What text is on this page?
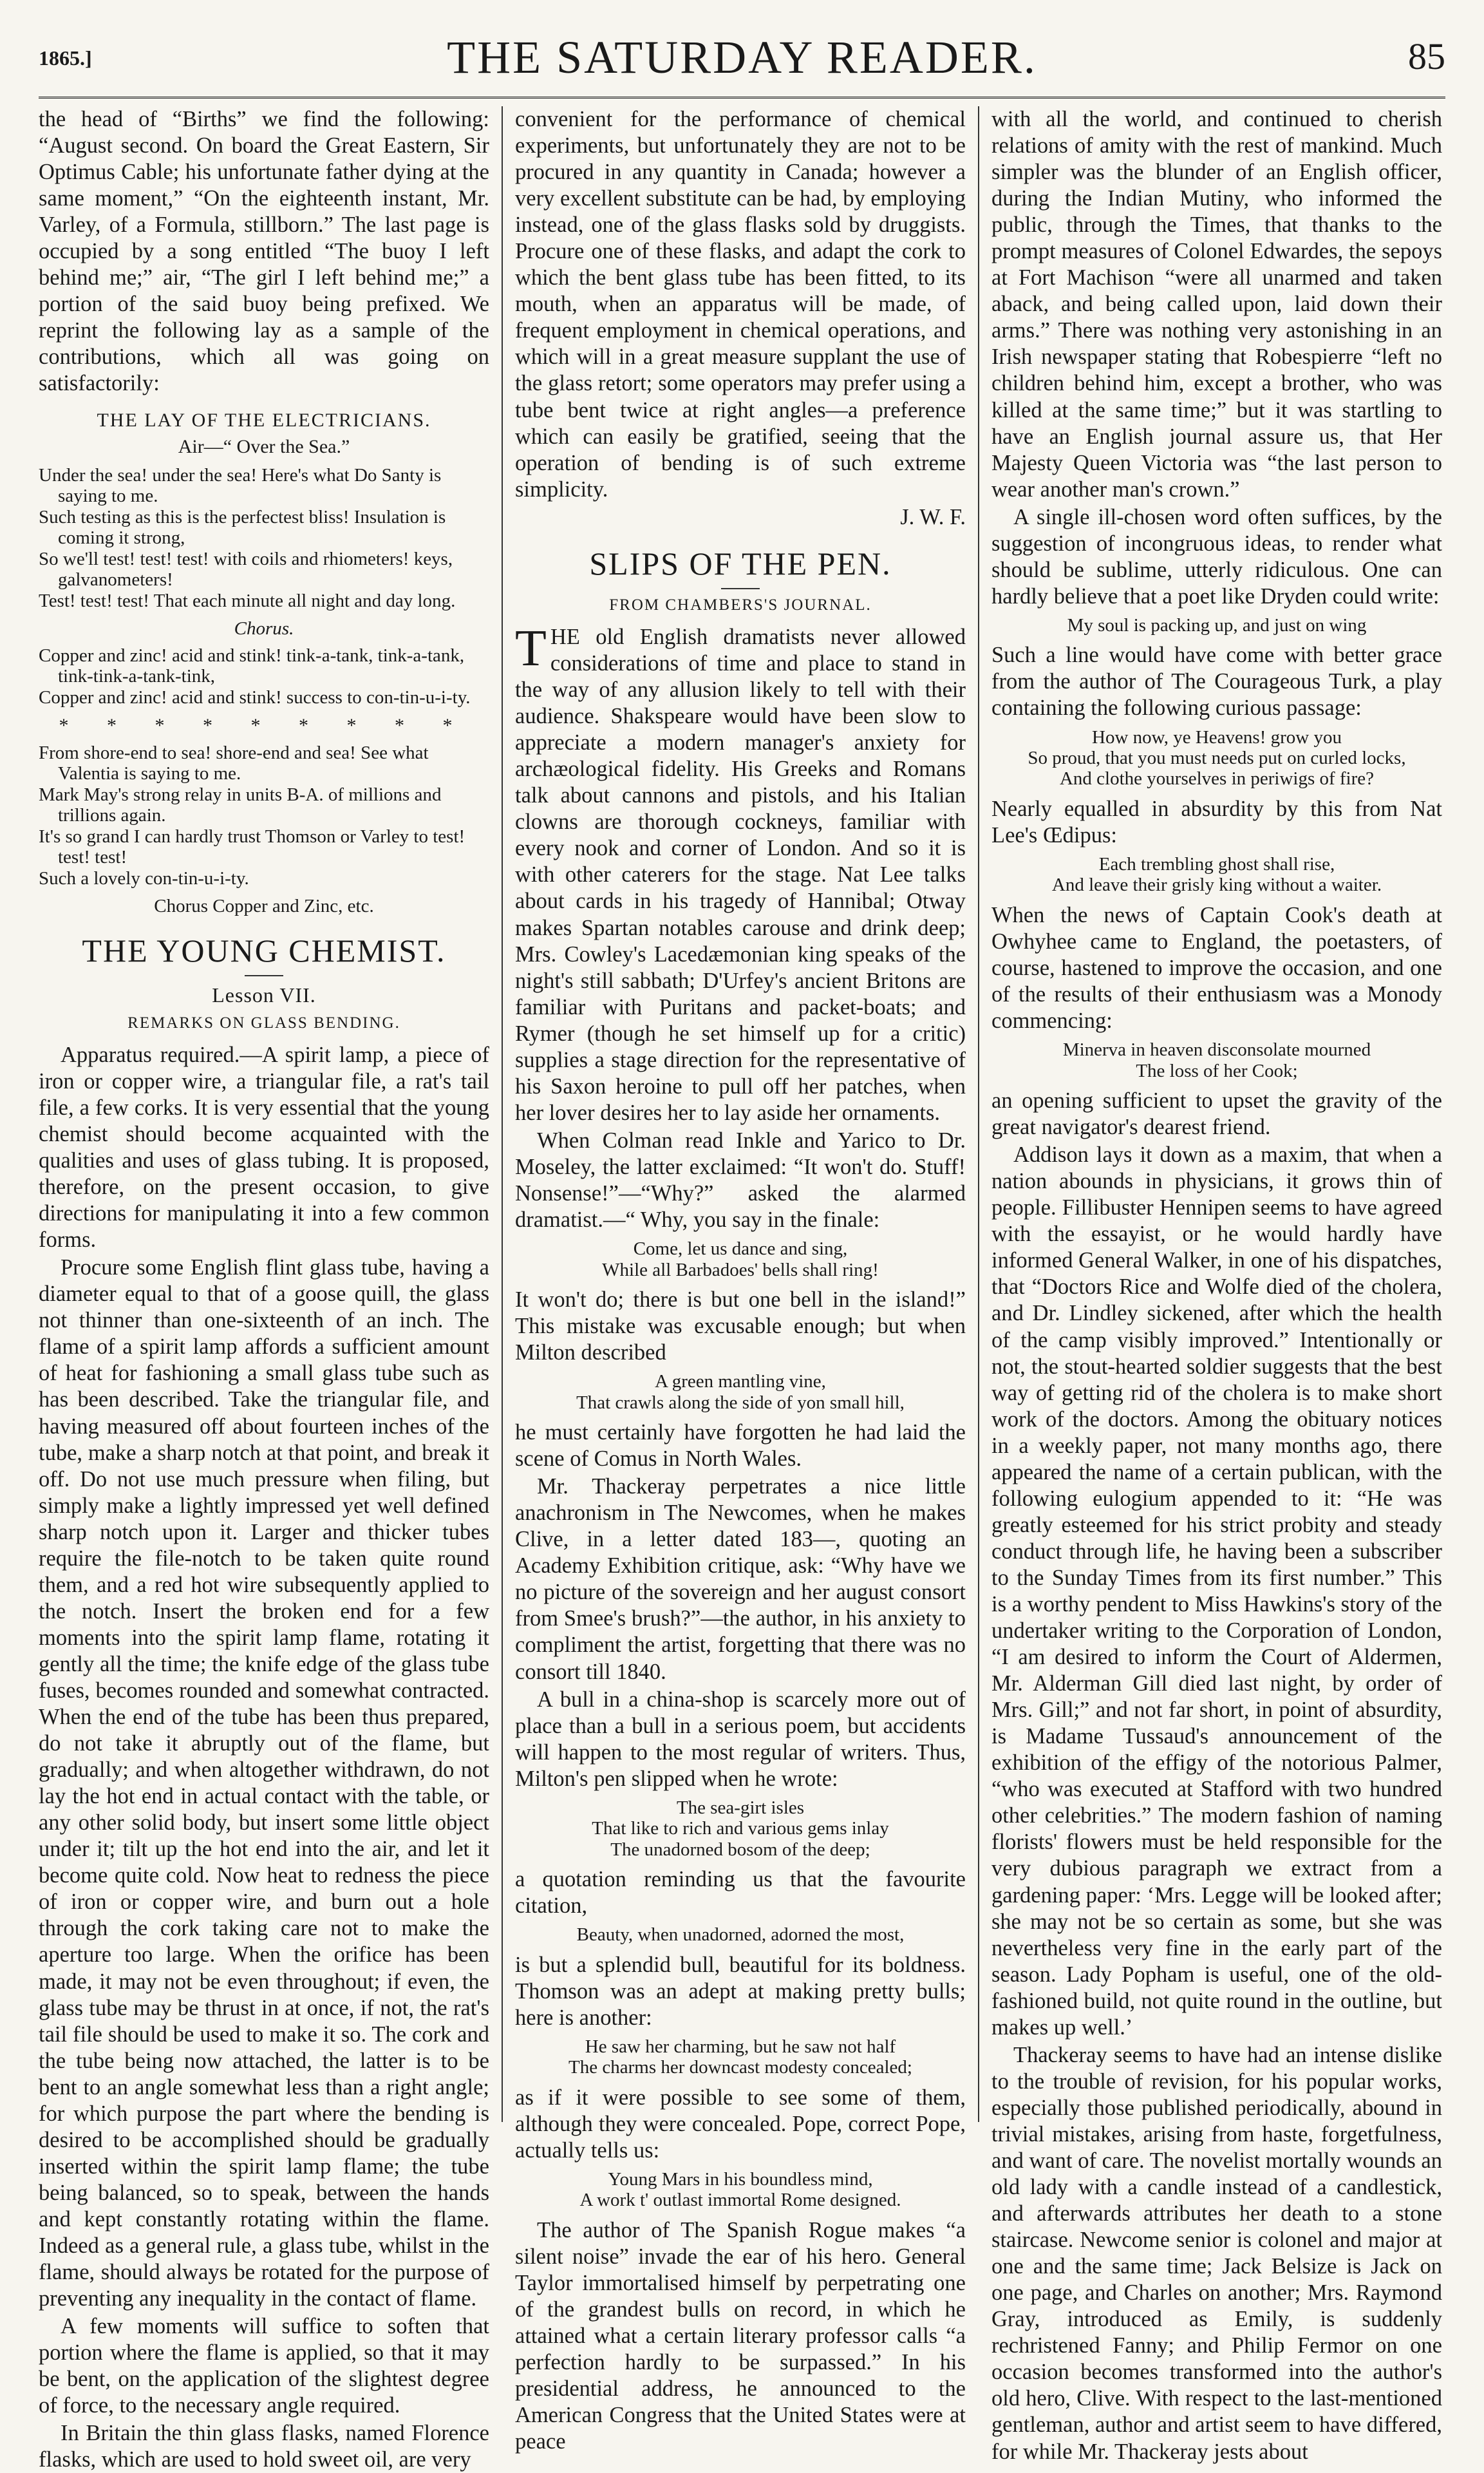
1865.]	THE SATURDAY READER.	85

the head of “Births” we find the following: “August second. On board the Great Eastern, Sir Optimus Cable; his unfortunate father dying at the same moment,” “On the eighteenth instant, Mr. Varley, of a Formula, stillborn.” The last page is occupied by a song entitled “The buoy I left behind me;” air, “The girl I left behind me;” a portion of the said buoy being prefixed. We reprint the following lay as a sample of the contributions, which all was going on satisfactorily:

THE LAY OF THE ELECTRICIANS.
Air—“ Over the Sea.”
Under the sea! under the sea! Here's what Do Santy is saying to me.
Such testing as this is the perfectest bliss! Insulation is coming it strong,
So we'll test! test! test! with coils and rhiometers! keys, galvanometers!
Test! test! test! That each minute all night and day long.
Chorus.
Copper and zinc! acid and stink! tink-a-tank, tink-a-tank, tink-tink-a-tank-tink,
Copper and zinc! acid and stink! success to con-tin-u-i-ty.
* * * * * * * * *
From shore-end to sea! shore-end and sea! See what Valentia is saying to me.
Mark May's strong relay in units B-A. of millions and trillions again.
It's so grand I can hardly trust Thomson or Varley to test! test! test!
Such a lovely con-tin-u-i-ty.
Chorus Copper and Zinc, etc.
THE YOUNG CHEMIST.
Lesson VII.
REMARKS ON GLASS BENDING.

Apparatus required.—A spirit lamp, a piece of iron or copper wire, a triangular file, a rat's tail file, a few corks. It is very essential that the young chemist should become acquainted with the qualities and uses of glass tubing. It is proposed, therefore, on the present occasion, to give directions for manipulating it into a few common forms.

Procure some English flint glass tube, having a diameter equal to that of a goose quill, the glass not thinner than one-sixteenth of an inch. The flame of a spirit lamp affords a sufficient amount of heat for fashioning a small glass tube such as has been described. Take the triangular file, and having measured off about fourteen inches of the tube, make a sharp notch at that point, and break it off. Do not use much pressure when filing, but simply make a lightly impressed yet well defined sharp notch upon it. Larger and thicker tubes require the file-notch to be taken quite round them, and a red hot wire subsequently applied to the notch. Insert the broken end for a few moments into the spirit lamp flame, rotating it gently all the time; the knife edge of the glass tube fuses, becomes rounded and somewhat contracted. When the end of the tube has been thus prepared, do not take it abruptly out of the flame, but gradually; and when altogether withdrawn, do not lay the hot end in actual contact with the table, or any other solid body, but insert some little object under it; tilt up the hot end into the air, and let it become quite cold. Now heat to redness the piece of iron or copper wire, and burn out a hole through the cork taking care not to make the aperture too large. When the orifice has been made, it may not be even throughout; if even, the glass tube may be thrust in at once, if not, the rat's tail file should be used to make it so. The cork and the tube being now attached, the latter is to be bent to an angle somewhat less than a right angle; for which purpose the part where the bending is desired to be accomplished should be gradually inserted within the spirit lamp flame; the tube being balanced, so to speak, between the hands and kept constantly rotating within the flame. Indeed as a general rule, a glass tube, whilst in the flame, should always be rotated for the purpose of preventing any inequality in the contact of flame.

A few moments will suffice to soften that portion where the flame is applied, so that it may be bent, on the application of the slightest degree of force, to the necessary angle required.

In Britain the thin glass flasks, named Florence flasks, which are used to hold sweet oil, are very

convenient for the performance of chemical experiments, but unfortunately they are not to be procured in any quantity in Canada; however a very excellent substitute can be had, by employing instead, one of the glass flasks sold by druggists. Procure one of these flasks, and adapt the cork to which the bent glass tube has been fitted, to its mouth, when an apparatus will be made, of frequent employment in chemical operations, and which will in a great measure supplant the use of the glass retort; some operators may prefer using a tube bent twice at right angles—a preference which can easily be gratified, seeing that the operation of bending is of such extreme simplicity.

J. W. F.
SLIPS OF THE PEN.
FROM CHAMBERS'S JOURNAL.

THE old English dramatists never allowed considerations of time and place to stand in the way of any allusion likely to tell with their audience. Shakspeare would have been slow to appreciate a modern manager's anxiety for archæological fidelity. His Greeks and Romans talk about cannons and pistols, and his Italian clowns are thorough cockneys, familiar with every nook and corner of London. And so it is with other caterers for the stage. Nat Lee talks about cards in his tragedy of Hannibal; Otway makes Spartan notables carouse and drink deep; Mrs. Cowley's Lacedæmonian king speaks of the night's still sabbath; D'Urfey's ancient Britons are familiar with Puritans and packet-boats; and Rymer (though he set himself up for a critic) supplies a stage direction for the representative of his Saxon heroine to pull off her patches, when her lover desires her to lay aside her ornaments.

When Colman read Inkle and Yarico to Dr. Moseley, the latter exclaimed: “It won't do. Stuff! Nonsense!”—“Why?” asked the alarmed dramatist.—“ Why, you say in the finale:

Come, let us dance and sing,
While all Barbadoes' bells shall ring!

It won't do; there is but one bell in the island!” This mistake was excusable enough; but when Milton described

A green mantling vine,
That crawls along the side of yon small hill,

he must certainly have forgotten he had laid the scene of Comus in North Wales.

Mr. Thackeray perpetrates a nice little anachronism in The Newcomes, when he makes Clive, in a letter dated 183—, quoting an Academy Exhibition critique, ask: “Why have we no picture of the sovereign and her august consort from Smee's brush?”—the author, in his anxiety to compliment the artist, forgetting that there was no consort till 1840.

A bull in a china-shop is scarcely more out of place than a bull in a serious poem, but accidents will happen to the most regular of writers. Thus, Milton's pen slipped when he wrote:

The sea-girt isles
That like to rich and various gems inlay
The unadorned bosom of the deep;

a quotation reminding us that the favourite citation,

Beauty, when unadorned, adorned the most,

is but a splendid bull, beautiful for its boldness. Thomson was an adept at making pretty bulls; here is another:

He saw her charming, but he saw not half
The charms her downcast modesty concealed;

as if it were possible to see some of them, although they were concealed. Pope, correct Pope, actually tells us:

Young Mars in his boundless mind,
A work t' outlast immortal Rome designed.

The author of The Spanish Rogue makes “a silent noise” invade the ear of his hero. General Taylor immortalised himself by perpetrating one of the grandest bulls on record, in which he attained what a certain literary professor calls “a perfection hardly to be surpassed.” In his presidential address, he announced to the American Congress that the United States were at peace

with all the world, and continued to cherish relations of amity with the rest of mankind. Much simpler was the blunder of an English officer, during the Indian Mutiny, who informed the public, through the Times, that thanks to the prompt measures of Colonel Edwardes, the sepoys at Fort Machison “were all unarmed and taken aback, and being called upon, laid down their arms.” There was nothing very astonishing in an Irish newspaper stating that Robespierre “left no children behind him, except a brother, who was killed at the same time;” but it was startling to have an English journal assure us, that Her Majesty Queen Victoria was “the last person to wear another man's crown.”

A single ill-chosen word often suffices, by the suggestion of incongruous ideas, to render what should be sublime, utterly ridiculous. One can hardly believe that a poet like Dryden could write:

My soul is packing up, and just on wing

Such a line would have come with better grace from the author of The Courageous Turk, a play containing the following curious passage:

How now, ye Heavens! grow you
So proud, that you must needs put on curled locks,
And clothe yourselves in periwigs of fire?

Nearly equalled in absurdity by this from Nat Lee's Œdipus:

Each trembling ghost shall rise,
And leave their grisly king without a waiter.

When the news of Captain Cook's death at Owhyhee came to England, the poetasters, of course, hastened to improve the occasion, and one of the results of their enthusiasm was a Monody commencing:

Minerva in heaven disconsolate mourned
The loss of her Cook;

an opening sufficient to upset the gravity of the great navigator's dearest friend.

Addison lays it down as a maxim, that when a nation abounds in physicians, it grows thin of people. Fillibuster Hennipen seems to have agreed with the essayist, or he would hardly have informed General Walker, in one of his dispatches, that “Doctors Rice and Wolfe died of the cholera, and Dr. Lindley sickened, after which the health of the camp visibly improved.” Intentionally or not, the stout-hearted soldier suggests that the best way of getting rid of the cholera is to make short work of the doctors. Among the obituary notices in a weekly paper, not many months ago, there appeared the name of a certain publican, with the following eulogium appended to it: “He was greatly esteemed for his strict probity and steady conduct through life, he having been a subscriber to the Sunday Times from its first number.” This is a worthy pendent to Miss Hawkins's story of the undertaker writing to the Corporation of London, “I am desired to inform the Court of Aldermen, Mr. Alderman Gill died last night, by order of Mrs. Gill;” and not far short, in point of absurdity, is Madame Tussaud's announcement of the exhibition of the effigy of the notorious Palmer, “who was executed at Stafford with two hundred other celebrities.” The modern fashion of naming florists' flowers must be held responsible for the very dubious paragraph we extract from a gardening paper: ‘Mrs. Legge will be looked after; she may not be so certain as some, but she was nevertheless very fine in the early part of the season. Lady Popham is useful, one of the old-fashioned build, not quite round in the outline, but makes up well.’

Thackeray seems to have had an intense dislike to the trouble of revision, for his popular works, especially those published periodically, abound in trivial mistakes, arising from haste, forgetfulness, and want of care. The novelist mortally wounds an old lady with a candle instead of a candlestick, and afterwards attributes her death to a stone staircase. Newcome senior is colonel and major at one and the same time; Jack Belsize is Jack on one page, and Charles on another; Mrs. Raymond Gray, introduced as Emily, is suddenly rechristened Fanny; and Philip Fermor on one occasion becomes transformed into the author's old hero, Clive. With respect to the last-mentioned gentleman, author and artist seem to have differed, for while Mr. Thackeray jests about
